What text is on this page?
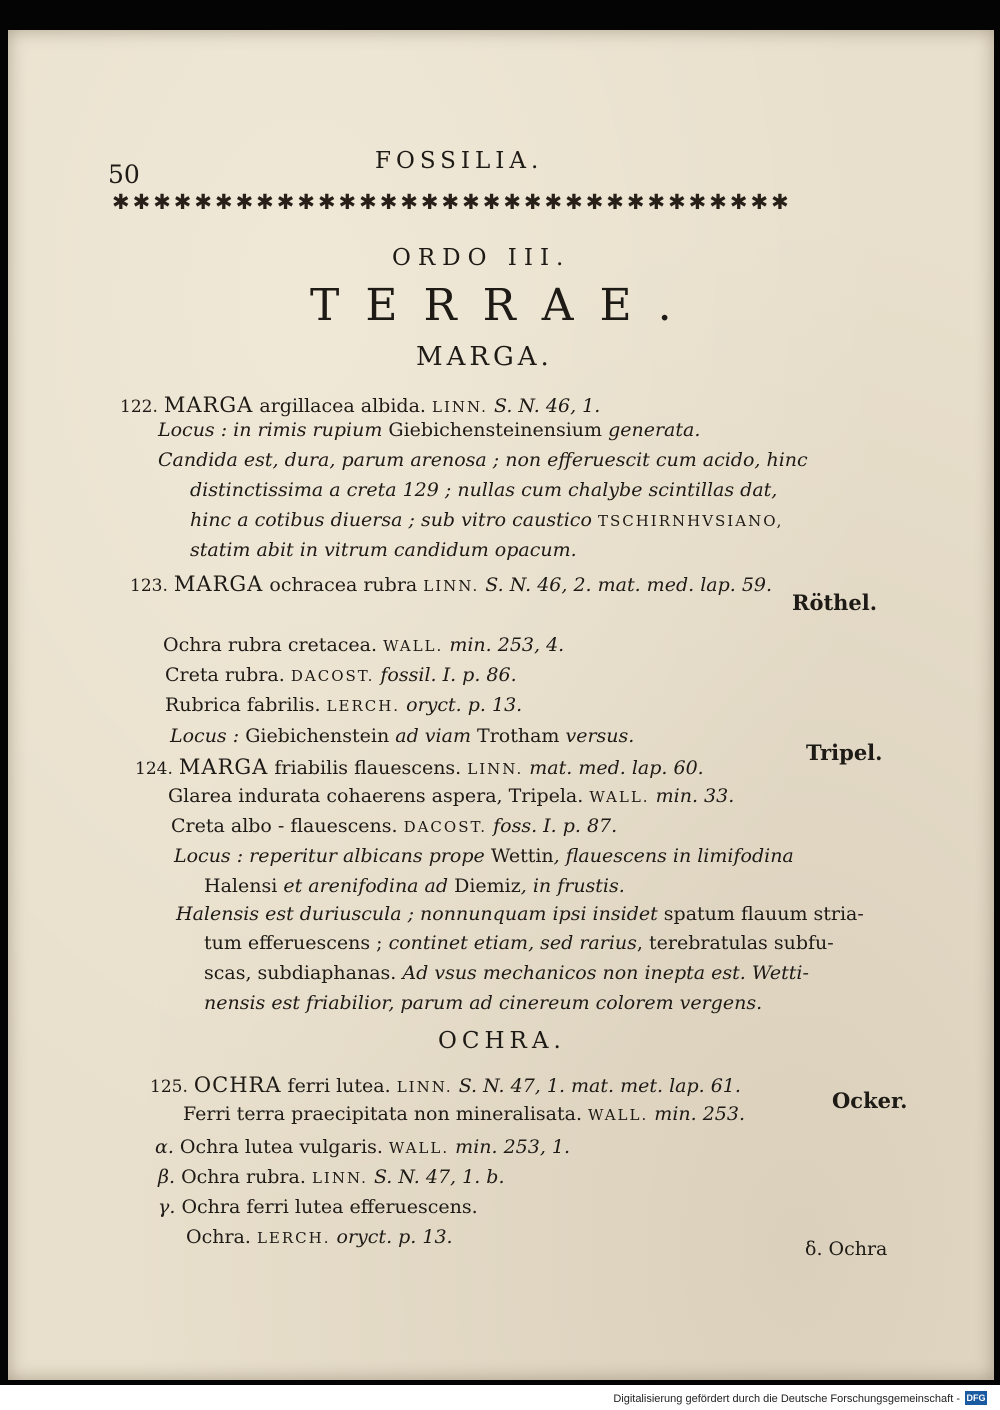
50	FOSSILIA.
✱✱✱✱✱✱✱✱✱✱✱✱✱✱✱✱✱✱✱✱✱✱✱✱✱✱✱✱✱✱✱✱✱
ORDO III.
TERRAE.
MARGA.
122. MARGA argillacea albida. LINN. S. N. 46, 1.
Locus : in rimis rupium Giebichensteinensium generata.
Candida est, dura, parum arenosa ; non efferuescit cum acido, hinc
distinctissima a creta 129 ; nullas cum chalybe scintillas dat,
hinc a cotibus diuersa ; sub vitro caustico TSCHIRNHVSIANO,
statim abit in vitrum candidum opacum.
123. MARGA ochracea rubra LINN. S. N. 46, 2. mat. med. lap. 59.
Röthel.
Ochra rubra cretacea. WALL. min. 253, 4.
Creta rubra. DACOST. fossil. I. p. 86.
Rubrica fabrilis. LERCH. oryct. p. 13.
Locus : Giebichenstein ad viam Trotham versus.
124. MARGA friabilis flauescens. LINN. mat. med. lap. 60.
Tripel.
Glarea indurata cohaerens aspera, Tripela. WALL. min. 33.
Creta albo - flauescens. DACOST. foss. I. p. 87.
Locus : reperitur albicans prope Wettin, flauescens in limifodina
Halensi et arenifodina ad Diemiz, in frustis.
Halensis est duriuscula ; nonnunquam ipsi insidet spatum flauum stria-
tum efferuescens ; continet etiam, sed rarius, terebratulas subfu-
scas, subdiaphanas. Ad vsus mechanicos non inepta est. Wetti-
nensis est friabilior, parum ad cinereum colorem vergens.
OCHRA.
125. OCHRA ferri lutea. LINN. S. N. 47, 1. mat. met. lap. 61.
Ferri terra praecipitata non mineralisata. WALL. min. 253.
Ocker.
α. Ochra lutea vulgaris. WALL. min. 253, 1.
β. Ochra rubra. LINN. S. N. 47, 1. b.
γ. Ochra ferri lutea efferuescens.
Ochra. LERCH. oryct. p. 13.
δ. Ochra
Digitalisierung gefördert durch die Deutsche Forschungsgemeinschaft - DFG
